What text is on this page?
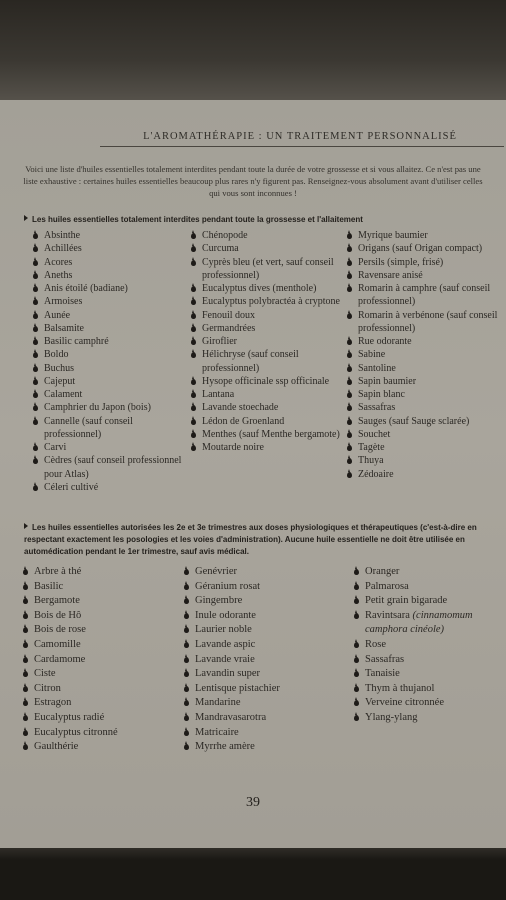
L'AROMATHÉRAPIE : UN TRAITEMENT PERSONNALISÉ
Voici une liste d'huiles essentielles totalement interdites pendant toute la durée de votre grossesse et si vous allaitez. Ce n'est pas une liste exhaustive : certaines huiles essentielles beaucoup plus rares n'y figurent pas. Renseignez-vous absolument avant d'utiliser celles qui vous sont inconnues !
Les huiles essentielles totalement interdites pendant toute la grossesse et l'allaitement
Absinthe
Achillées
Acores
Aneths
Anis étoilé (badiane)
Armoises
Aunée
Balsamite
Basilic camphré
Boldo
Buchus
Cajeput
Calament
Camphrier du Japon (bois)
Cannelle (sauf conseil professionnel)
Carvi
Cèdres (sauf conseil professionnel pour Atlas)
Céleri cultivé
Chénopode
Curcuma
Cyprès bleu (et vert, sauf conseil professionnel)
Eucalyptus dives (menthole)
Eucalyptus polybractéa à cryptone
Fenouil doux
Germandrées
Giroflier
Hélichryse (sauf conseil professionnel)
Hysope officinale ssp officinale
Lantana
Lavande stoechade
Lédon de Groenland
Menthes (sauf Menthe bergamote)
Moutarde noire
Myrique baumier
Origans (sauf Origan compact)
Persils (simple, frisé)
Ravensare anisé
Romarin à camphre (sauf conseil professionnel)
Romarin à verbénone (sauf conseil professionnel)
Rue odorante
Sabine
Santoline
Sapin baumier
Sapin blanc
Sassafras
Sauges (sauf Sauge sclarée)
Souchet
Tagète
Thuya
Zédoaire
Les huiles essentielles autorisées les 2e et 3e trimestres aux doses physiologiques et thérapeutiques (c'est-à-dire en respectant exactement les posologies et les voies d'administration). Aucune huile essentielle ne doit être utilisée en automédication pendant le 1er trimestre, sauf avis médical.
Arbre à thé
Basilic
Bergamote
Bois de Hô
Bois de rose
Camomille
Cardamome
Ciste
Citron
Estragon
Eucalyptus radié
Eucalyptus citronné
Gaulthérie
Genévrier
Géranium rosat
Gingembre
Inule odorante
Laurier noble
Lavande aspic
Lavande vraie
Lavandin super
Lentisque pistachier
Mandarine
Mandravasarotra
Matricaire
Myrrhe amère
Oranger
Palmarosa
Petit grain bigarade
Ravintsara (cinnamomum camphora cinéole)
Rose
Sassafras
Tanaisie
Thym à thujanol
Verveine citronnée
Ylang-ylang
39
